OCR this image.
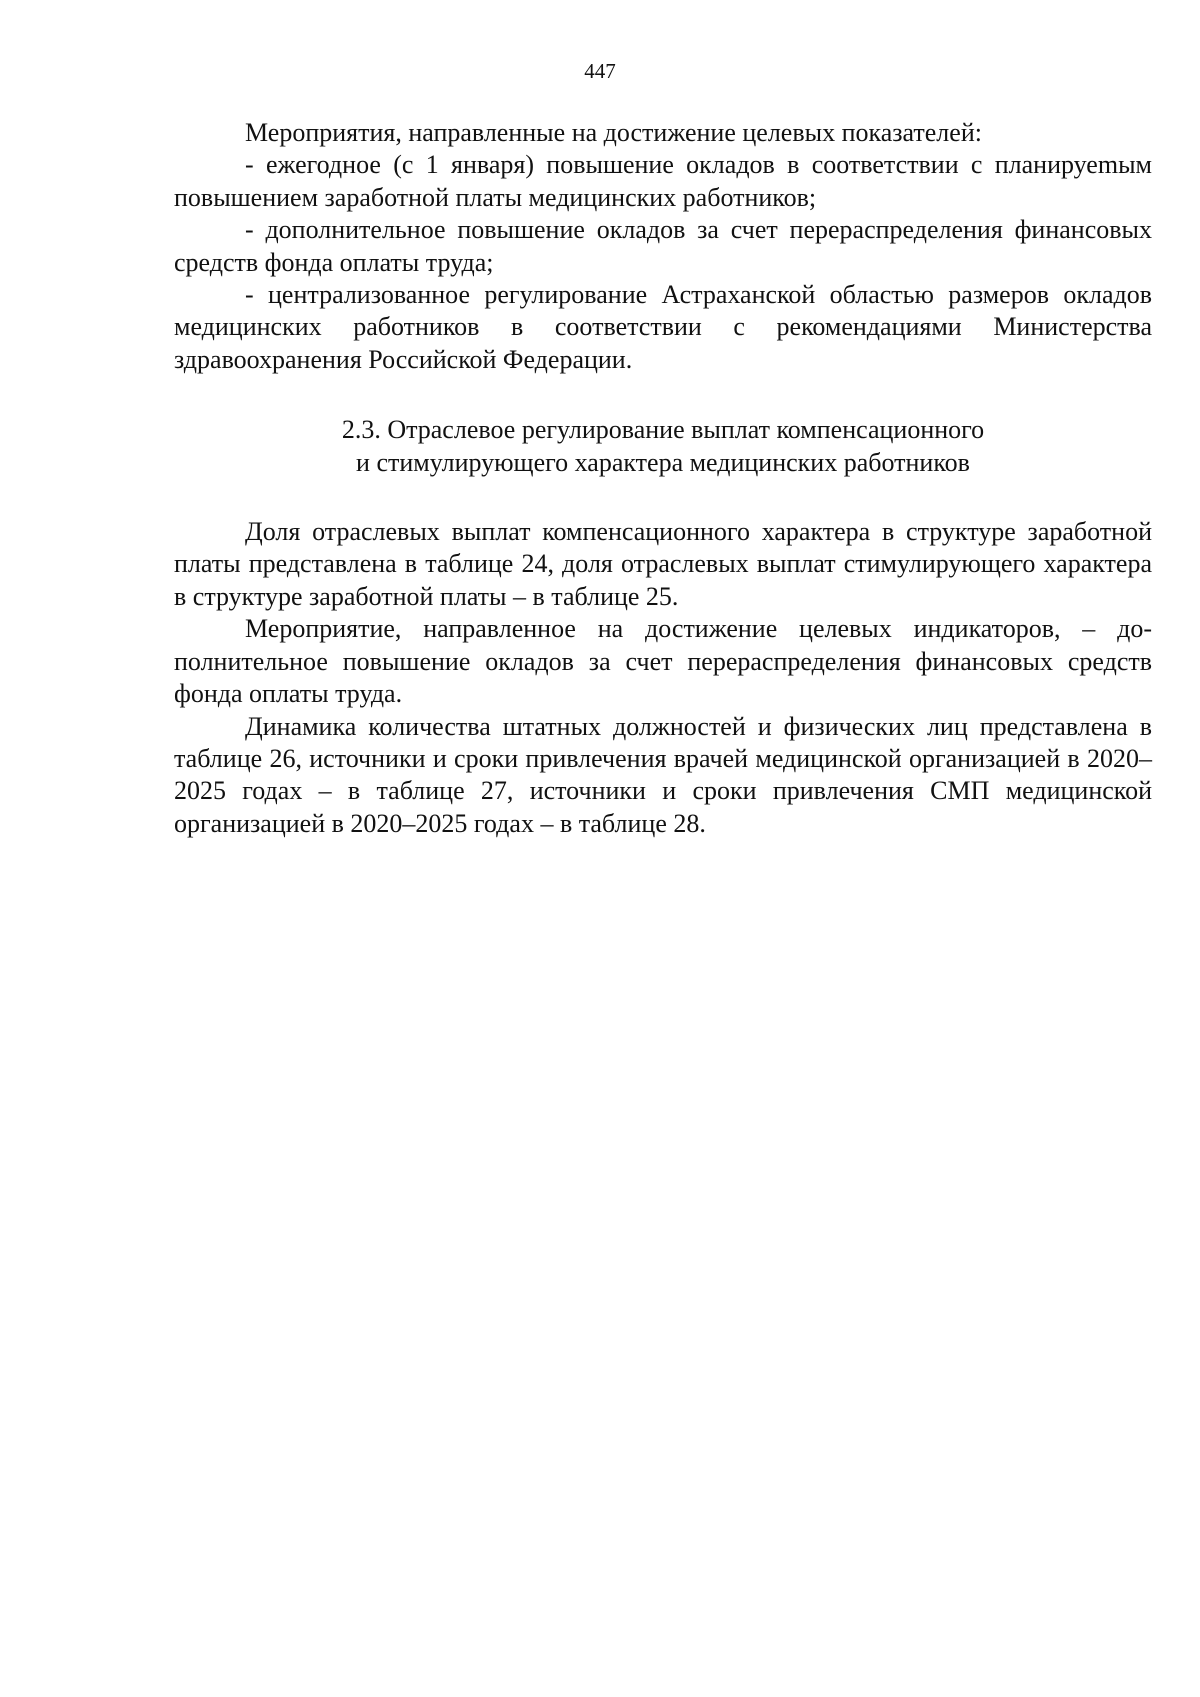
447

Мероприятия, направленные на достижение целевых показателей:

- ежегодное (с 1 января) повышение окладов в соответствии с планируеmым повышением заработной платы медицинских работников;

- дополнительное повышение окладов за счет перераспределения финансовых средств фонда оплаты труда;

- централизованное регулирование Астраханской областью размеров окладов медицинских работников в соответствии с рекомендациями Министерства здравоохранения Российской Федерации.

2.3. Отраслевое регулирование выплат компенсационного
и стимулирующего характера медицинских работников

Доля отраслевых выплат компенсационного характера в структуре заработной платы представлена в таблице 24, доля отраслевых выплат стимулирующего характера в структуре заработной платы – в таблице 25.

Мероприятие, направленное на достижение целевых индикаторов, – дополнительное повышение окладов за счет перераспределения финансовых средств фонда оплаты труда.

Динамика количества штатных должностей и физических лиц представлена в таблице 26, источники и сроки привлечения врачей медицинской организацией в 2020–2025 годах – в таблице 27, источники и сроки привлечения СМП медицинской организацией в 2020–2025 годах – в таблице 28.
